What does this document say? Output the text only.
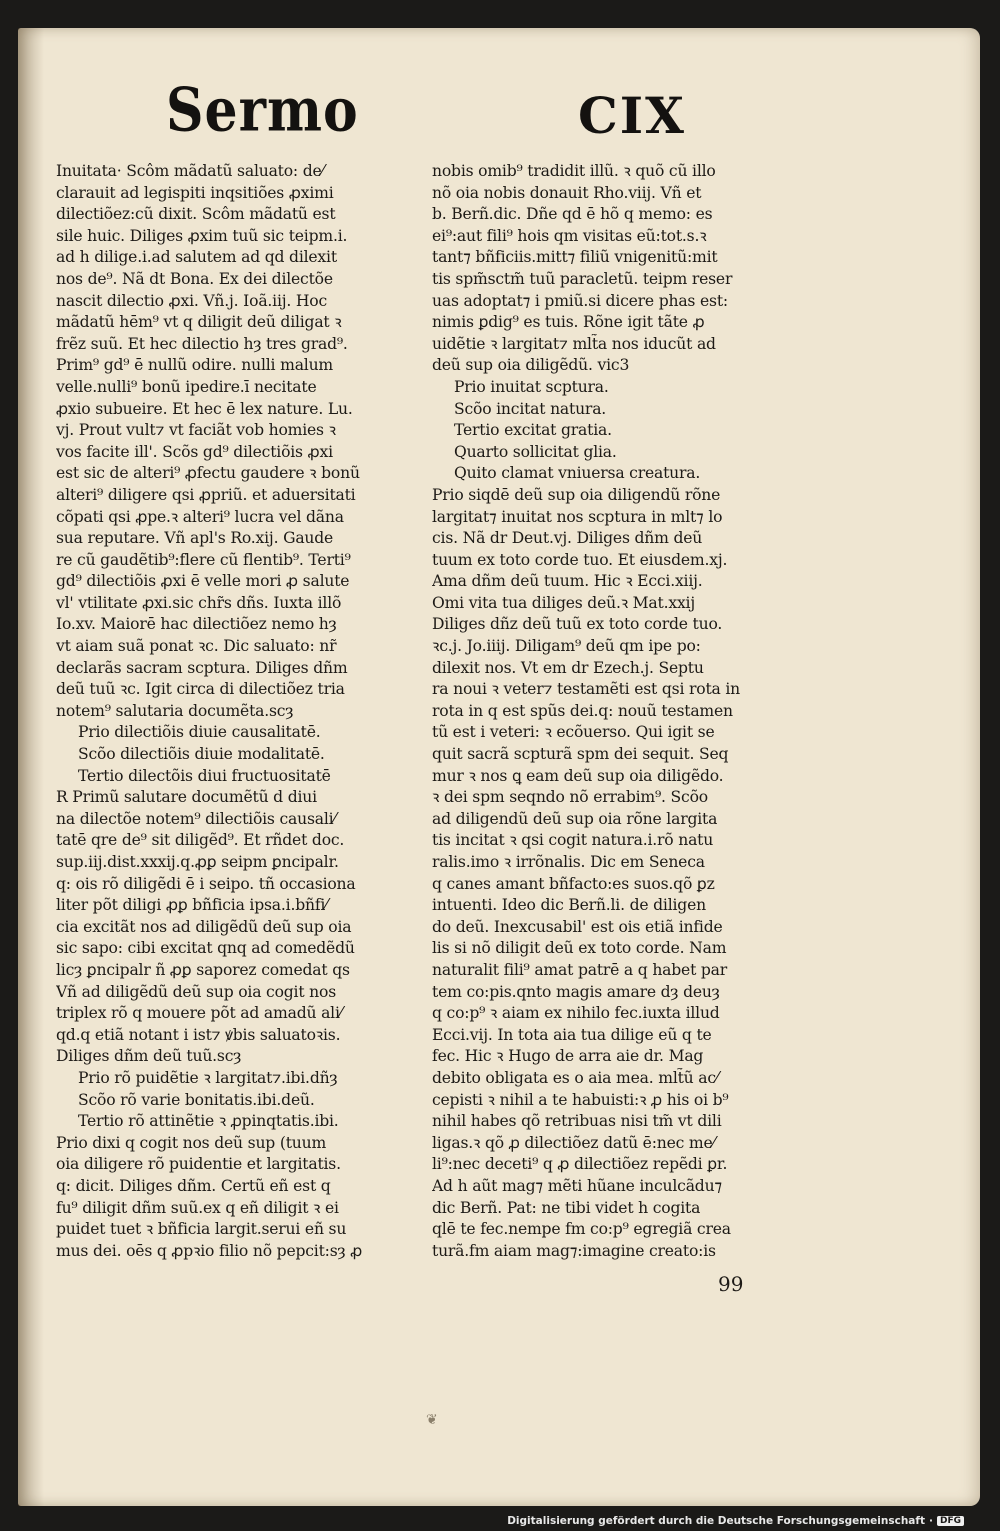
Sermo	CIX
Inuitata· Scôm mãdatũ saluato: de⁄
clarauit ad legispiti inqsitiões ꝓximi
dilectiõez:cũ dixit. Scôm mãdatũ est
sile huic. Diliges ꝓxim tuũ sic teipm.i.
ad h dilige.i.ad salutem ad qd dilexit
nos de⁹. Nã dt Bona. Ex dei dilectõe
nascit dilectio ꝓxi. Vñ.j. Ioã.iij. Hoc
mãdatũ hēm⁹ vt q diligit deũ diligat ꝛ
frẽz suũ. Et hec dilectio hȝ tres grad⁹.
Prim⁹ gd⁹ ē nullũ odire. nulli malum
velle.nulli⁹ bonũ ipedire.ī necitate
ꝓxio subueire. Et hec ē lex nature. Lu.
vj. Prout vult⁊ vt faciãt vob homies ꝛ
vos facite ill'. Scõs gd⁹ dilectiõis ꝓxi
est sic de alteri⁹ ꝓfectu gaudere ꝛ bonũ
alteri⁹ diligere qsi ꝓpriũ. et aduersitati
cõpati qsi ꝓpe.ꝛ alteri⁹ lucra vel dãna
sua reputare. Vñ apl's Ro.xij. Gaude
re cũ gaudẽtib⁹:flere cũ flentib⁹. Terti⁹
gd⁹ dilectiõis ꝓxi ē velle mori ꝓ salute
vl' vtilitate ꝓxi.sic chr̃s dñs. Iuxta illõ
Io.xv. Maiorē hac dilectiõez nemo hȝ
vt aiam suã ponat ꝛc. Dic saluato: nr̃
declarãs sacram scptura. Diliges dñm
deũ tuũ ꝛc. Igit circa di dilectiõez tria
notem⁹ salutaria documẽta.scȝ
Prio dilectiõis diuie causalitatē.
Scõo dilectiõis diuie modalitatē.
Tertio dilectõis diui fructuositatē
R Primũ salutare documẽtũ d diui
na dilectõe notem⁹ dilectiõis causali⁄
tatē qre de⁹ sit diligẽd⁹. Et rñdet doc.
sup.iij.dist.xxxij.q.ꝓꝑ seipm ꝑncipalr.
q: ois rõ diligẽdi ē i seipo. tñ occasiona
liter põt diligi ꝓꝑ bñficia ipsa.i.bñfi⁄
cia excitãt nos ad diligẽdũ deũ sup oia
sic sapo: cibi excitat qnq ad comedẽdũ
licȝ ꝑncipalr ñ ꝓꝑ saporez comedat qs
Vñ ad diligẽdũ deũ sup oia cogit nos
triplex rõ q mouere põt ad amadũ ali⁄
qd.q etiã notant i ist⁊ ꝟbis saluatoꝛis.
Diliges dñm deũ tuũ.scȝ
Prio rõ puidẽtie ꝛ largitat⁊.ibi.dñȝ
Scõo rõ varie bonitatis.ibi.deũ.
Tertio rõ attinẽtie ꝛ ꝓpinqtatis.ibi.
Prio dixi q cogit nos deũ sup (tuum
oia diligere rõ puidentie et largitatis.
q: dicit. Diliges dñm. Certũ eñ est q
fu⁹ diligit dñm suũ.ex q eñ diligit ꝛ ei
puidet tuet ꝛ bñficia largit.serui eñ su
mus dei. oēs q ꝓpꝛio filio nõ pepcit:sȝ ꝓ
nobis omib⁹ tradidit illũ. ꝛ quõ cũ illo
nõ oia nobis donauit Rho.viij. Vñ et
b. Berñ.dic. Dñe qd ē hõ q memo: es
ei⁹:aut fili⁹ hois qm visitas eũ:tot.s.ꝛ
tant⁊ bñficiis.mitt⁊ filiũ vnigenitũ:mit
tis spm̃sctm̃ tuũ paracletũ. teipm reser
uas adoptat⁊ i pmiũ.si dicere phas est:
nimis ꝑdig⁹ es tuis. Rõne igit tãte ꝓ
uidẽtie ꝛ largitat⁊ mlt̃a nos iducũt ad
deũ sup oia diligẽdũ. vic3
Prio inuitat scptura.
Scõo incitat natura.
Tertio excitat gratia.
Quarto sollicitat glia.
Quito clamat vniuersa creatura.
Prio siqdē deũ sup oia diligendũ rõne
largitat⁊ inuitat nos scptura in mlt⁊ lo
cis. Nã dr Deut.vj. Diliges dñm deũ
tuum ex toto corde tuo. Et eiusdem.xj.
Ama dñm deũ tuum. Hic ꝛ Ecci.xiij.
Omi vita tua diliges deũ.ꝛ Mat.xxij
Diliges dñz deũ tuũ ex toto corde tuo.
ꝛc.j. Jo.iiij. Diligam⁹ deũ qm ipe po:
dilexit nos. Vt em dr Ezech.j. Septu
ra noui ꝛ veter⁊ testamẽti est qsi rota in
rota in q est spũs dei.q: nouũ testamen
tũ est i veteri: ꝛ ecõuerso. Qui igit se
quit sacrã scpturã spm dei sequit. Seq
mur ꝛ nos ꝗ eam deũ sup oia diligẽdo.
ꝛ dei spm seqndo nõ errabim⁹. Scõo
ad diligendũ deũ sup oia rõne largita
tis incitat ꝛ qsi cogit natura.i.rõ natu
ralis.imo ꝛ irrõnalis. Dic em Seneca
q canes amant bñfacto:es suos.qõ ꝑz
intuenti. Ideo dic Berñ.li. de diligen
do deũ. Inexcusabil' est ois etiã infide
lis si nõ diligit deũ ex toto corde. Nam
naturalit fili⁹ amat patrē a q habet par
tem co:pis.qnto magis amare dȝ deuȝ
q co:p⁹ ꝛ aiam ex nihilo fec.iuxta illud
Ecci.vij. In tota aia tua dilige eũ q te
fec. Hic ꝛ Hugo de arra aie dr. Mag
debito obligata es o aia mea. mlt̃ũ ac⁄
cepisti ꝛ nihil a te habuisti:ꝛ ꝓ his oi b⁹
nihil habes qõ retribuas nisi tm̃ vt dili
ligas.ꝛ qõ ꝓ dilectiõez datũ ē:nec me⁄
li⁹:nec deceti⁹ q ꝓ dilectiõez repẽdi ꝑr.
Ad h aũt mag⁊ mẽti hũane inculcãdu⁊
dic Berñ. Pat: ne tibi videt h cogita
qlē te fec.nempe fm co:p⁹ egregiã crea
turã.fm aiam mag⁊:imagine creato:is
99
❦
Digitalisierung gefördert durch die Deutsche Forschungsgemeinschaft · DFG
